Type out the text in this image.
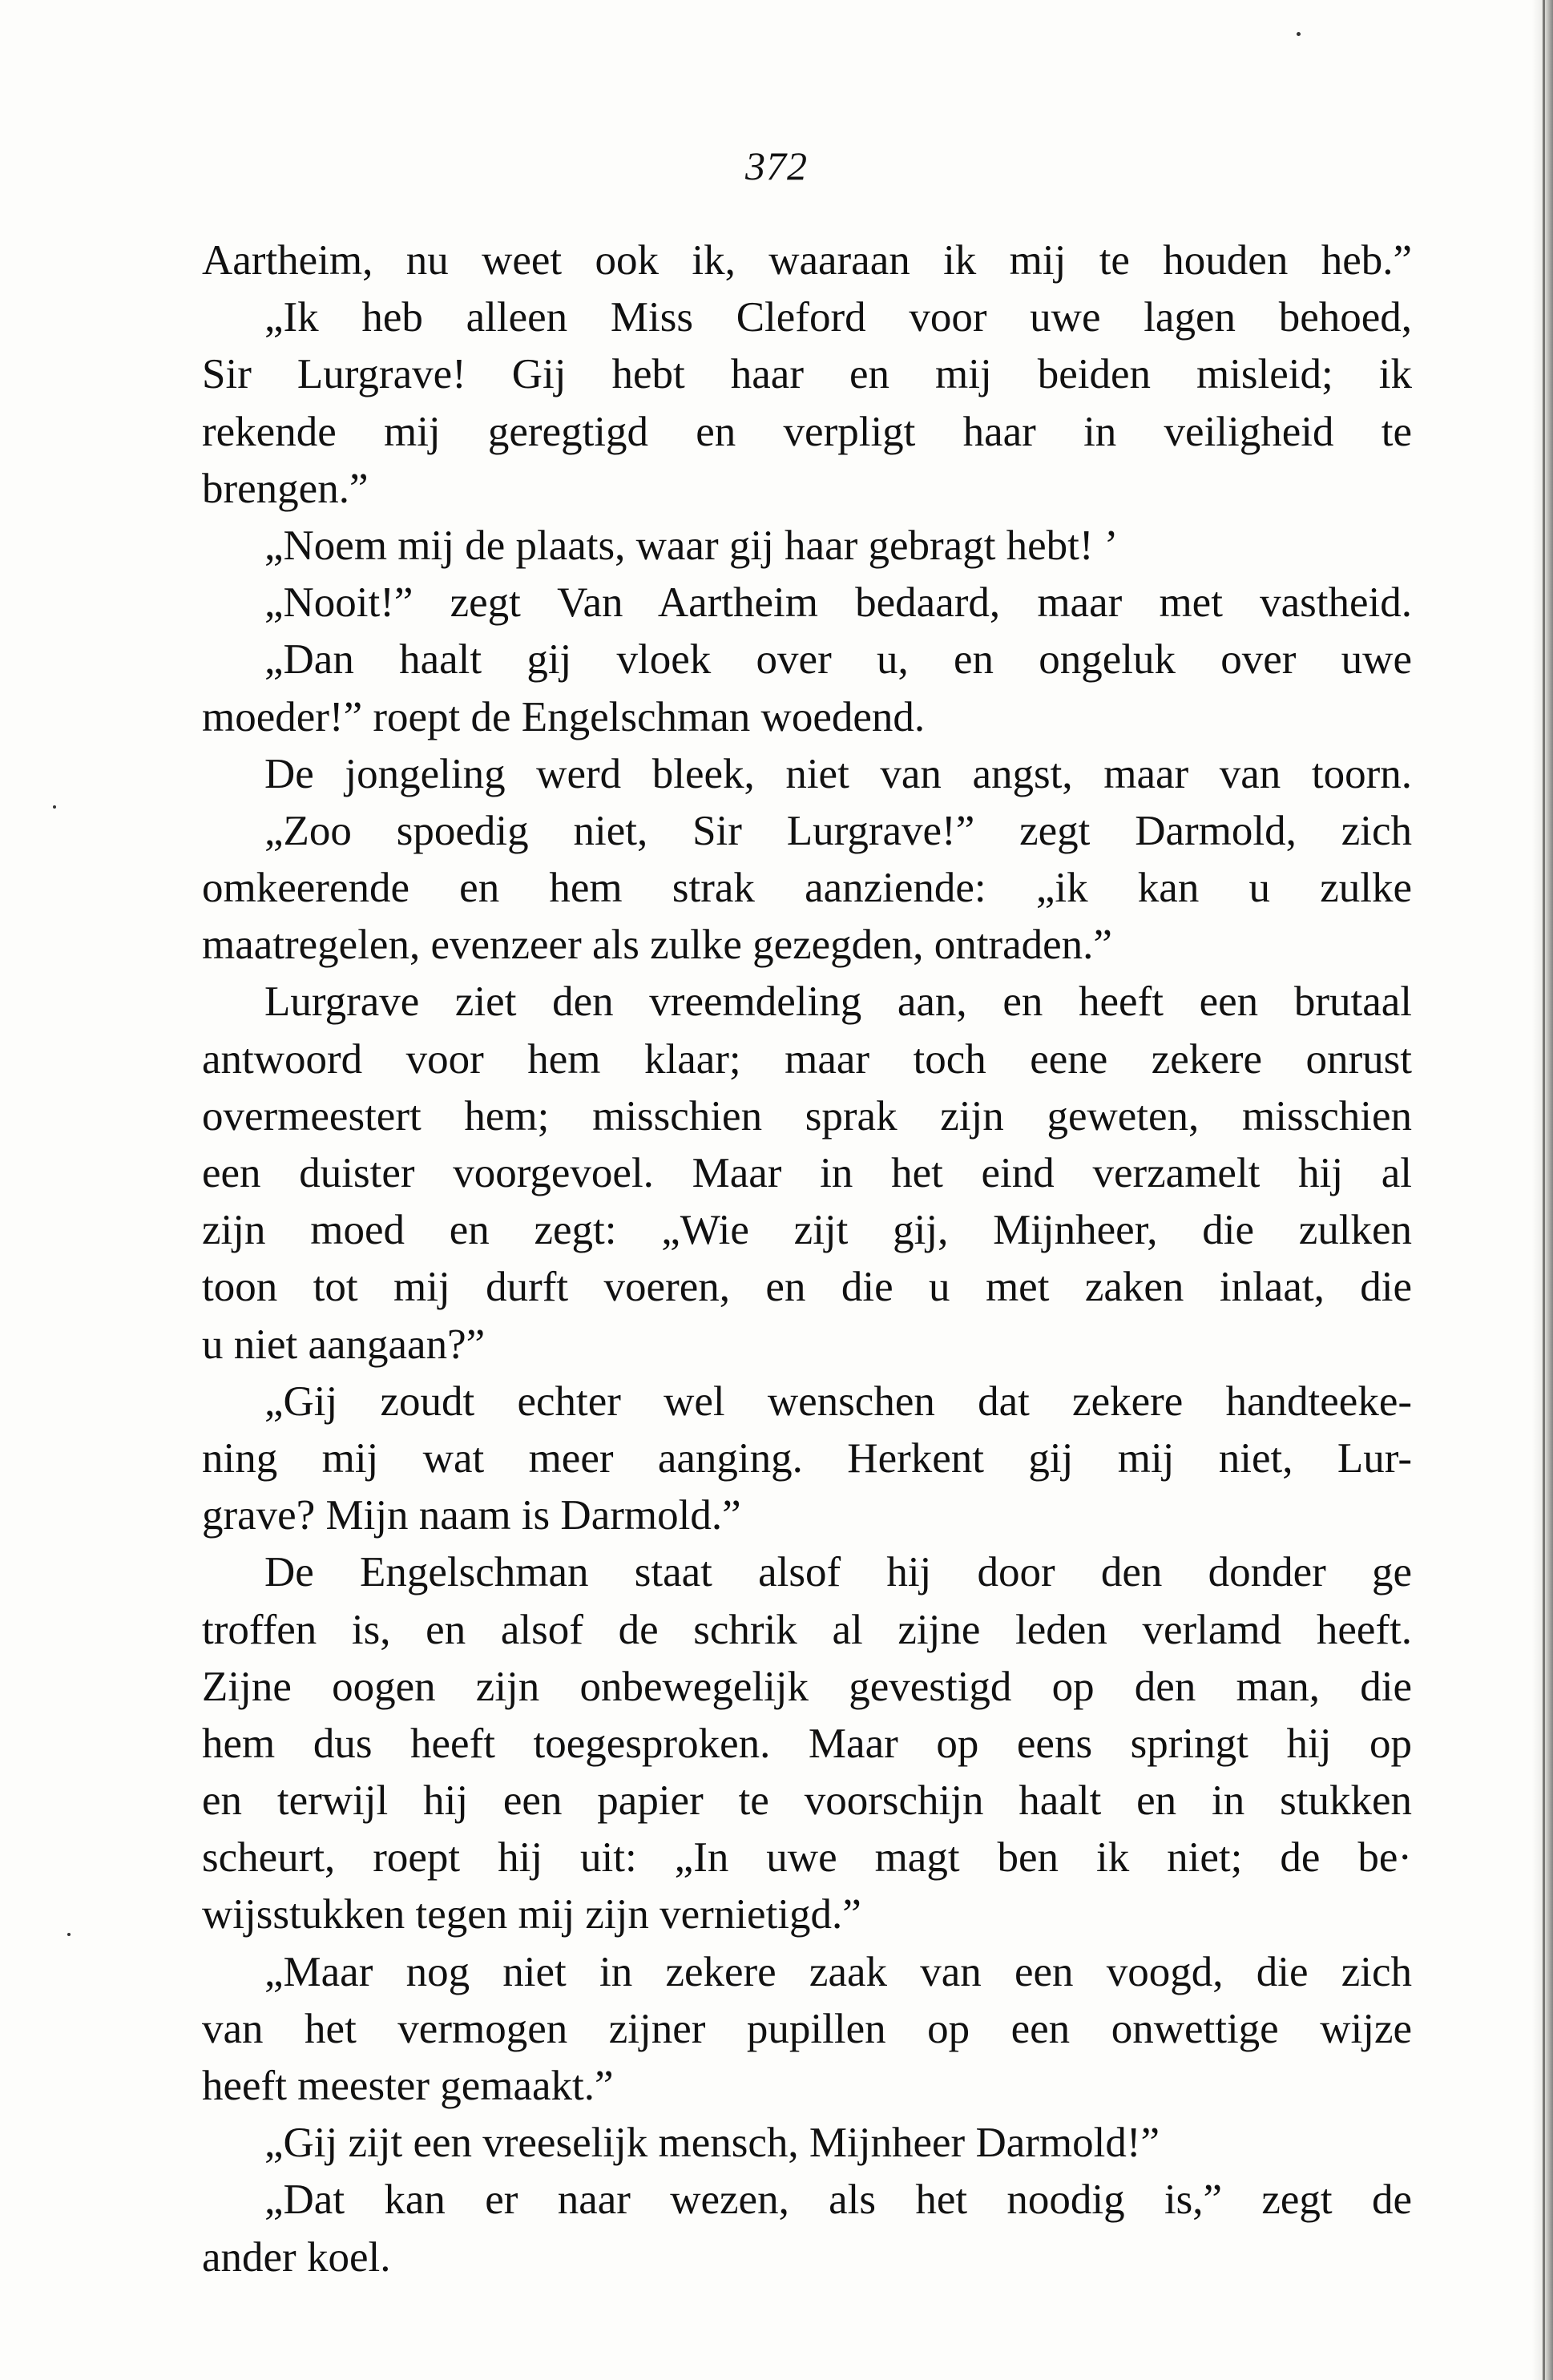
372
Aartheim, nu weet ook ik, waaraan ik mij te houden heb.”
„Ik heb alleen Miss Cleford voor uwe lagen behoed,
Sir Lurgrave! Gij hebt haar en mij beiden misleid; ik
rekende mij geregtigd en verpligt haar in veiligheid te
brengen.”
„Noem mij de plaats, waar gij haar gebragt hebt! ’
„Nooit!” zegt Van Aartheim bedaard, maar met vastheid.
„Dan haalt gij vloek over u, en ongeluk over uwe
moeder!” roept de Engelschman woedend.
De jongeling werd bleek, niet van angst, maar van toorn.
„Zoo spoedig niet, Sir Lurgrave!” zegt Darmold, zich
omkeerende en hem strak aanziende: „ik kan u zulke
maatregelen, evenzeer als zulke gezegden, ontraden.”
Lurgrave ziet den vreemdeling aan, en heeft een brutaal
antwoord voor hem klaar; maar toch eene zekere onrust
overmeestert hem; misschien sprak zijn geweten, misschien
een duister voorgevoel. Maar in het eind verzamelt hij al
zijn moed en zegt: „Wie zijt gij, Mijnheer, die zulken
toon tot mij durft voeren, en die u met zaken inlaat, die
u niet aangaan?”
„Gij zoudt echter wel wenschen dat zekere handteeke-
ning mij wat meer aanging. Herkent gij mij niet, Lur-
grave? Mijn naam is Darmold.”
De Engelschman staat alsof hij door den donder ge
troffen is, en alsof de schrik al zijne leden verlamd heeft.
Zijne oogen zijn onbewegelijk gevestigd op den man, die
hem dus heeft toegesproken. Maar op eens springt hij op
en terwijl hij een papier te voorschijn haalt en in stukken
scheurt, roept hij uit: „In uwe magt ben ik niet; de be·
wijsstukken tegen mij zijn vernietigd.”
„Maar nog niet in zekere zaak van een voogd, die zich
van het vermogen zijner pupillen op een onwettige wijze
heeft meester gemaakt.”
„Gij zijt een vreeselijk mensch, Mijnheer Darmold!”
„Dat kan er naar wezen, als het noodig is,” zegt de
ander koel.
